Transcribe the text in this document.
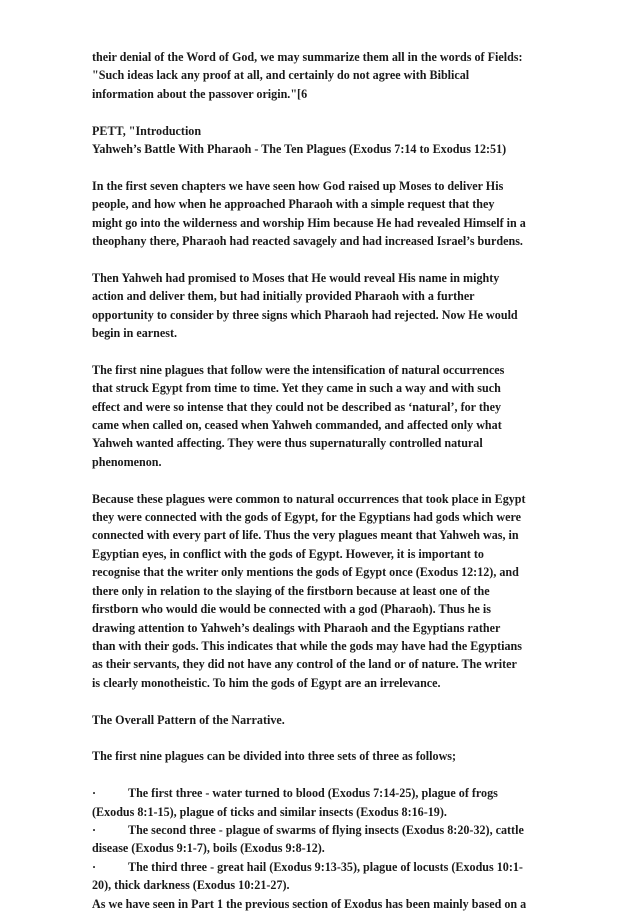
their denial of the Word of God, we may summarize them all in the words of Fields:
"Such ideas lack any proof at all, and certainly do not agree with Biblical
information about the passover origin."[6
PETT, "Introduction
Yahweh’s Battle With Pharaoh - The Ten Plagues (Exodus 7:14 to Exodus 12:51)
In the first seven chapters we have seen how God raised up Moses to deliver His
people, and how when he approached Pharaoh with a simple request that they
might go into the wilderness and worship Him because He had revealed Himself in a
theophany there, Pharaoh had reacted savagely and had increased Israel’s burdens.
Then Yahweh had promised to Moses that He would reveal His name in mighty
action and deliver them, but had initially provided Pharaoh with a further
opportunity to consider by three signs which Pharaoh had rejected. Now He would
begin in earnest.
The first nine plagues that follow were the intensification of natural occurrences
that struck Egypt from time to time. Yet they came in such a way and with such
effect and were so intense that they could not be described as ‘natural’, for they
came when called on, ceased when Yahweh commanded, and affected only what
Yahweh wanted affecting. They were thus supernaturally controlled natural
phenomenon.
Because these plagues were common to natural occurrences that took place in Egypt
they were connected with the gods of Egypt, for the Egyptians had gods which were
connected with every part of life. Thus the very plagues meant that Yahweh was, in
Egyptian eyes, in conflict with the gods of Egypt. However, it is important to
recognise that the writer only mentions the gods of Egypt once (Exodus 12:12), and
there only in relation to the slaying of the firstborn because at least one of the
firstborn who would die would be connected with a god (Pharaoh). Thus he is
drawing attention to Yahweh’s dealings with Pharaoh and the Egyptians rather
than with their gods. This indicates that while the gods may have had the Egyptians
as their servants, they did not have any control of the land or of nature. The writer
is clearly monotheistic. To him the gods of Egypt are an irrelevance.
The Overall Pattern of the Narrative.
The first nine plagues can be divided into three sets of three as follows;
·	The first three - water turned to blood (Exodus 7:14-25), plague of frogs
(Exodus 8:1-15), plague of ticks and similar insects (Exodus 8:16-19).
·	The second three - plague of swarms of flying insects (Exodus 8:20-32), cattle
disease (Exodus 9:1-7), boils (Exodus 9:8-12).
·	The third three - great hail (Exodus 9:13-35), plague of locusts (Exodus 10:1-
20), thick darkness (Exodus 10:21-27).
As we have seen in Part 1 the previous section of Exodus has been mainly based on a
